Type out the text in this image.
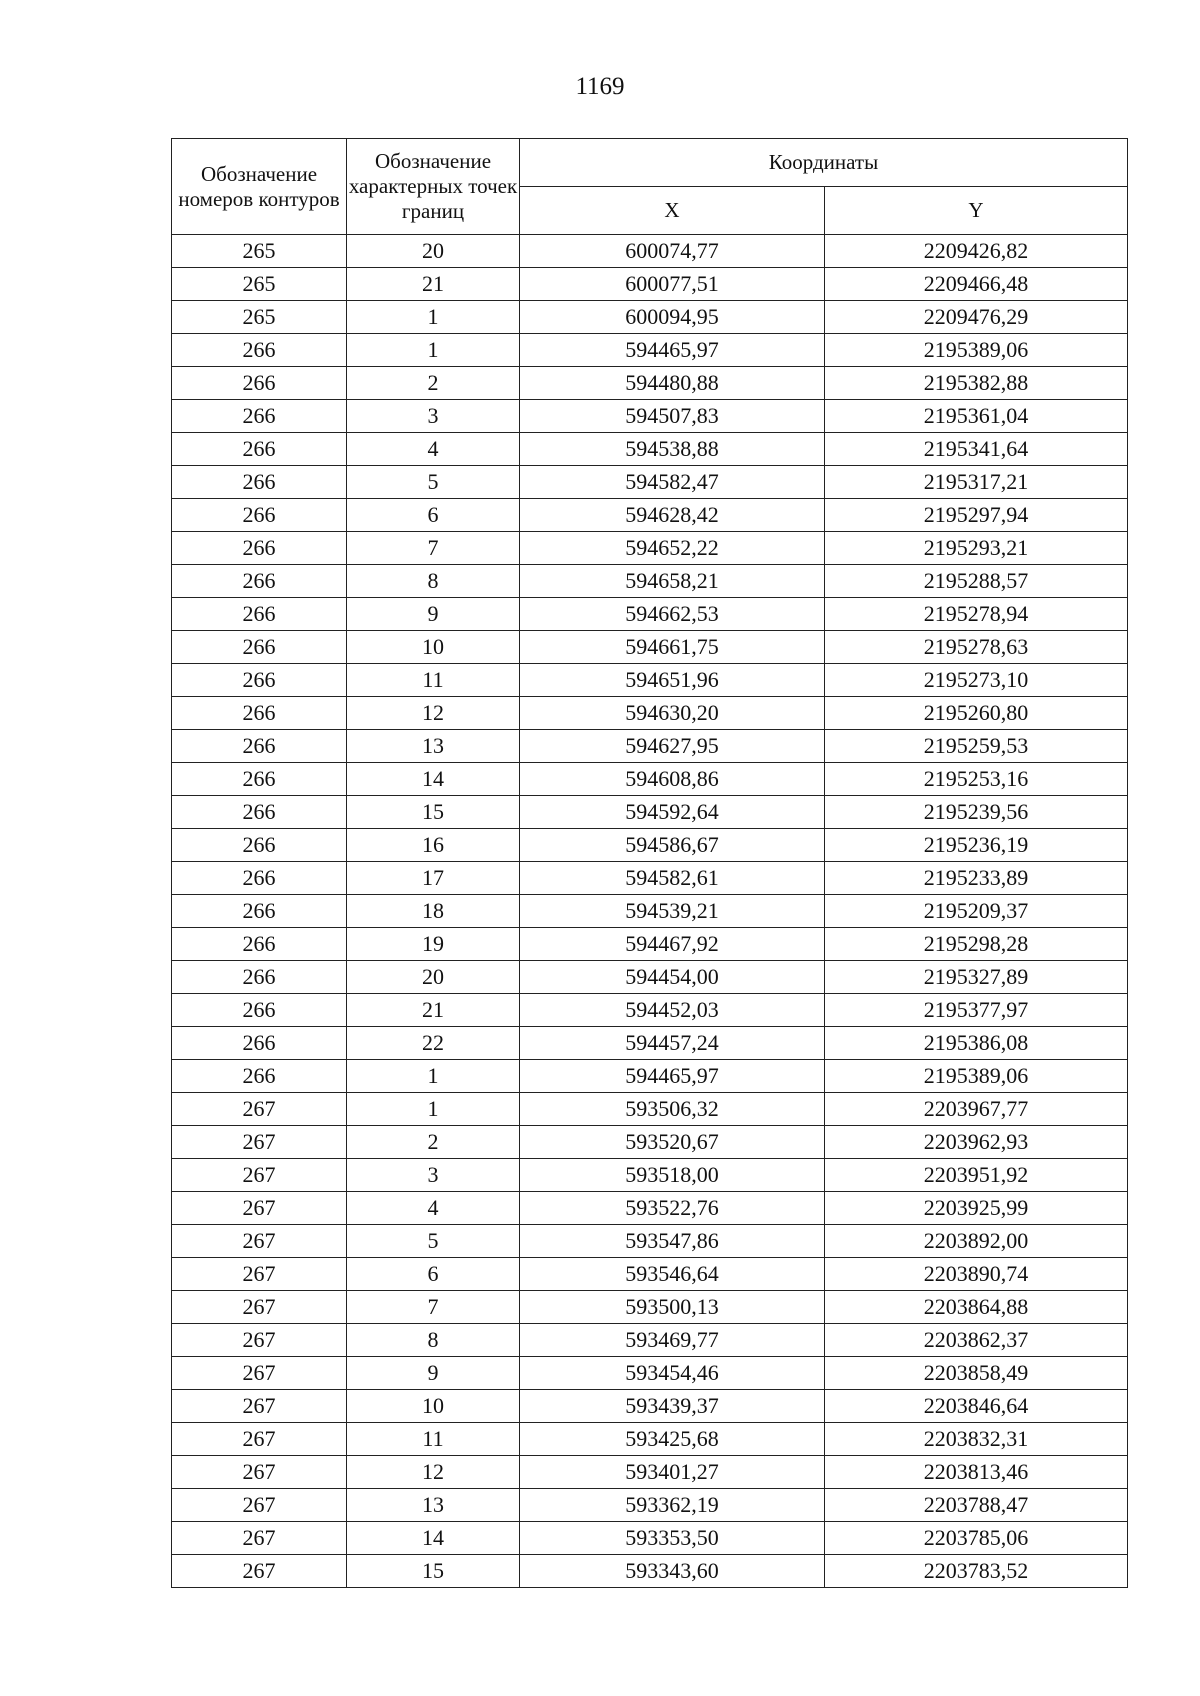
1169
Обозначение номеров контуров	Обозначение характерных точек границ	Координаты	
		X	Y
265	20	600074,77	2209426,82
265	21	600077,51	2209466,48
265	1	600094,95	2209476,29
266	1	594465,97	2195389,06
266	2	594480,88	2195382,88
266	3	594507,83	2195361,04
266	4	594538,88	2195341,64
266	5	594582,47	2195317,21
266	6	594628,42	2195297,94
266	7	594652,22	2195293,21
266	8	594658,21	2195288,57
266	9	594662,53	2195278,94
266	10	594661,75	2195278,63
266	11	594651,96	2195273,10
266	12	594630,20	2195260,80
266	13	594627,95	2195259,53
266	14	594608,86	2195253,16
266	15	594592,64	2195239,56
266	16	594586,67	2195236,19
266	17	594582,61	2195233,89
266	18	594539,21	2195209,37
266	19	594467,92	2195298,28
266	20	594454,00	2195327,89
266	21	594452,03	2195377,97
266	22	594457,24	2195386,08
266	1	594465,97	2195389,06
267	1	593506,32	2203967,77
267	2	593520,67	2203962,93
267	3	593518,00	2203951,92
267	4	593522,76	2203925,99
267	5	593547,86	2203892,00
267	6	593546,64	2203890,74
267	7	593500,13	2203864,88
267	8	593469,77	2203862,37
267	9	593454,46	2203858,49
267	10	593439,37	2203846,64
267	11	593425,68	2203832,31
267	12	593401,27	2203813,46
267	13	593362,19	2203788,47
267	14	593353,50	2203785,06
267	15	593343,60	2203783,52
